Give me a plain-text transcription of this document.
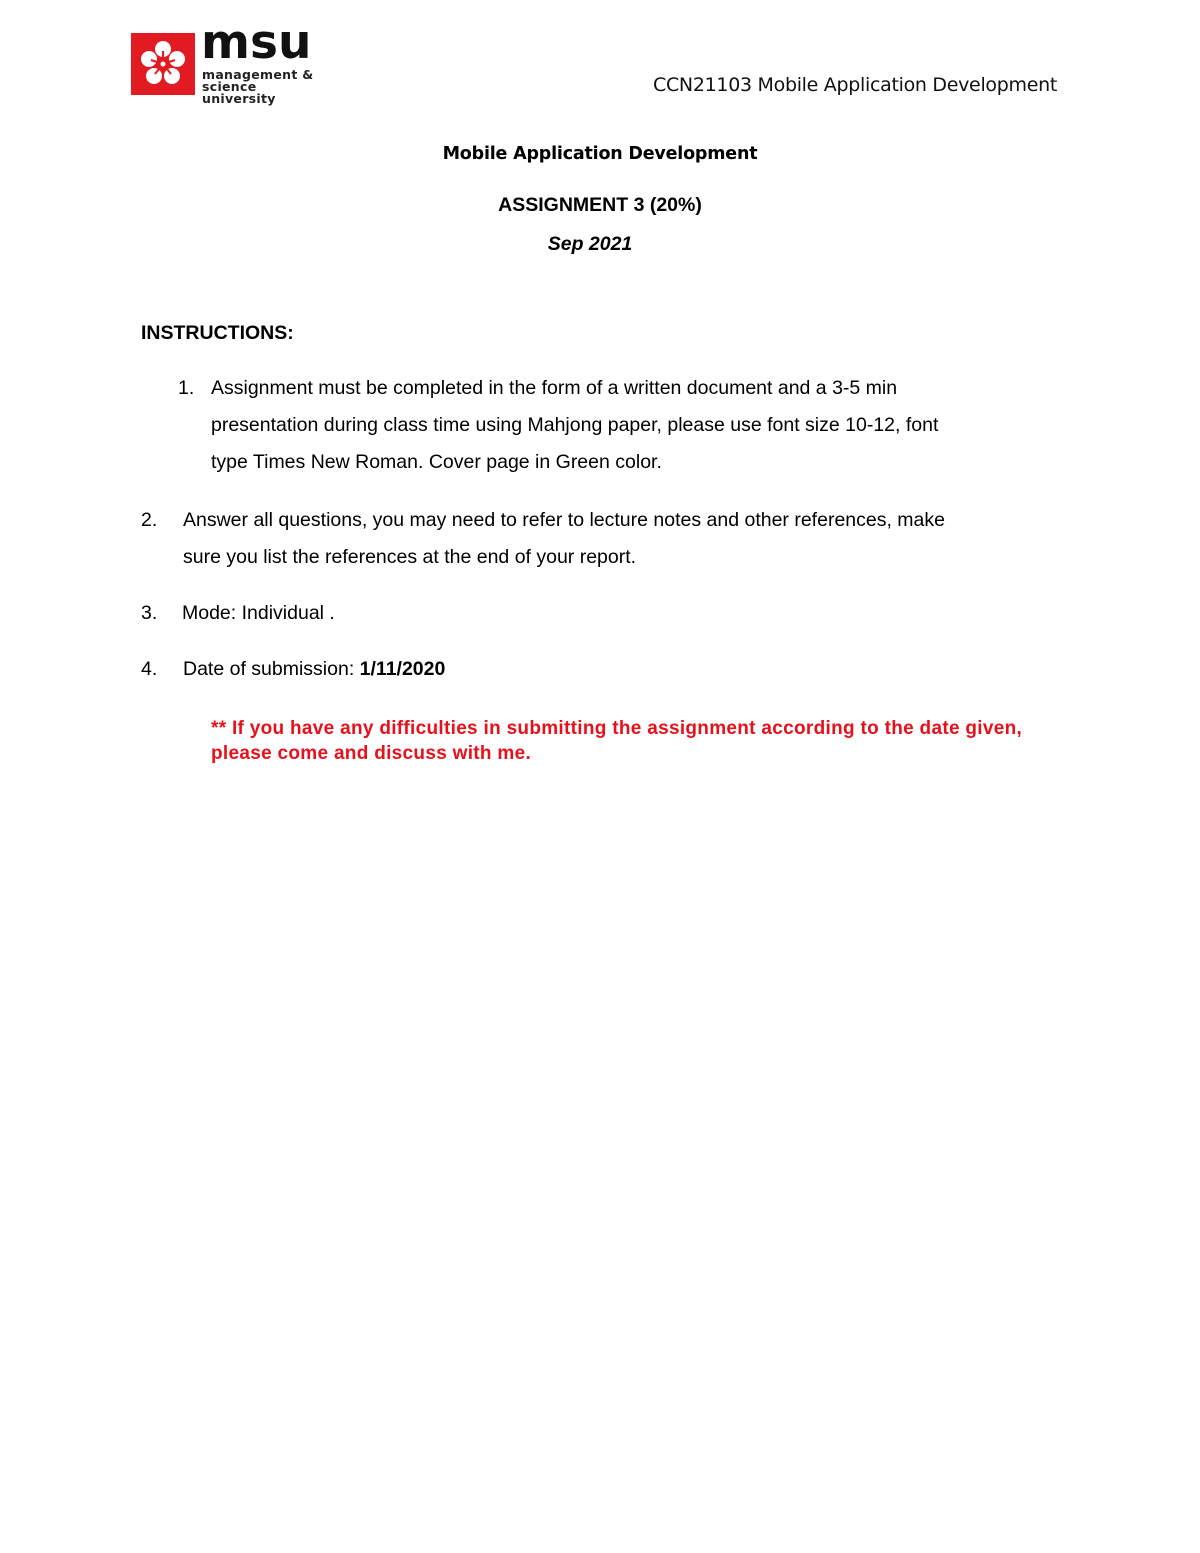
msu
management &
science university
CCN21103 Mobile Application Development
Mobile Application Development
ASSIGNMENT 3 (20%)
Sep 2021
INSTRUCTIONS:
1. Assignment must be completed in the form of a written document and a 3-5 min
presentation during class time using Mahjong paper, please use font size 10-12, font
type Times New Roman. Cover page in Green color.
2. Answer all questions, you may need to refer to lecture notes and other references, make
sure you list the references at the end of your report.
3. Mode: Individual .
4. Date of submission: 1/11/2020
** If you have any difficulties in submitting the assignment according to the date given, please come and discuss with me.
